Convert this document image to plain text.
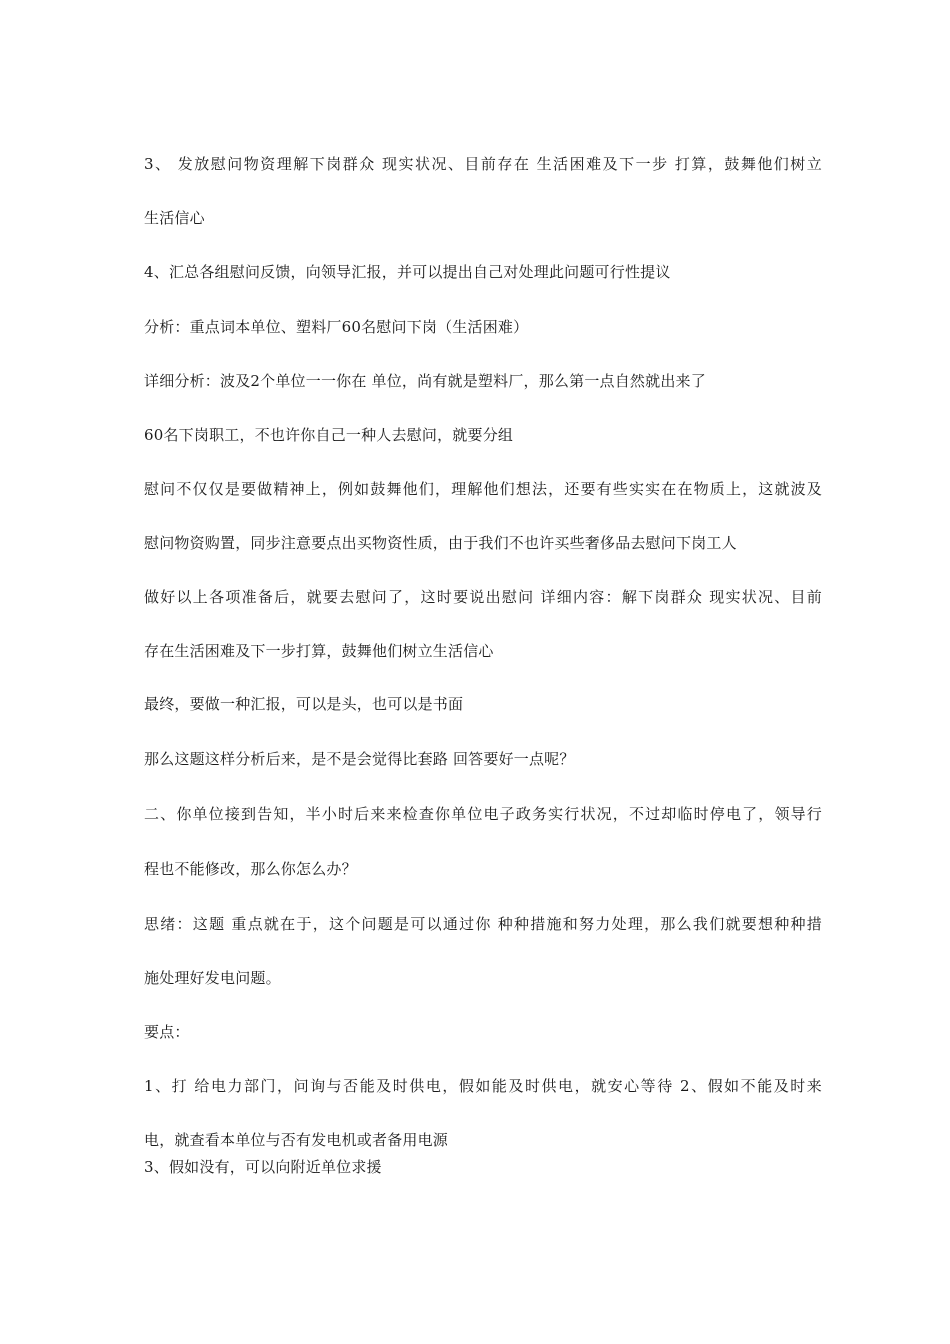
3、 发放慰问物资理解下岗群众 现实状况、目前存在 生活困难及下一步 打算，鼓舞他们树立

生活信心

4、汇总各组慰问反馈，向领导汇报，并可以提出自己对处理此问题可行性提议

分析：重点词本单位、塑料厂60名慰问下岗（生活困难）

详细分析：波及2个单位一一你在 单位，尚有就是塑料厂，那么第一点自然就出来了

60名下岗职工，不也许你自己一种人去慰问，就要分组

慰问不仅仅是要做精神上，例如鼓舞他们，理解他们想法，还要有些实实在在物质上，这就波及

慰问物资购置，同步注意要点出买物资性质，由于我们不也许买些奢侈品去慰问下岗工人

做好以上各项准备后，就要去慰问了，这时要说出慰问 详细内容：解下岗群众 现实状况、目前

存在生活困难及下一步打算，鼓舞他们树立生活信心

最终，要做一种汇报，可以是头，也可以是书面

那么这题这样分析后来，是不是会觉得比套路 回答要好一点呢？

二、你单位接到告知，半小时后来来检查你单位电子政务实行状况，不过却临时停电了，领导行

程也不能修改，那么你怎么办？

思绪：这题 重点就在于，这个问题是可以通过你 种种措施和努力处理，那么我们就要想种种措

施处理好发电问题。

要点：

1、打 给电力部门，问询与否能及时供电，假如能及时供电，就安心等待 2、假如不能及时来

电，就查看本单位与否有发电机或者备用电源

3、假如没有，可以向附近单位求援
